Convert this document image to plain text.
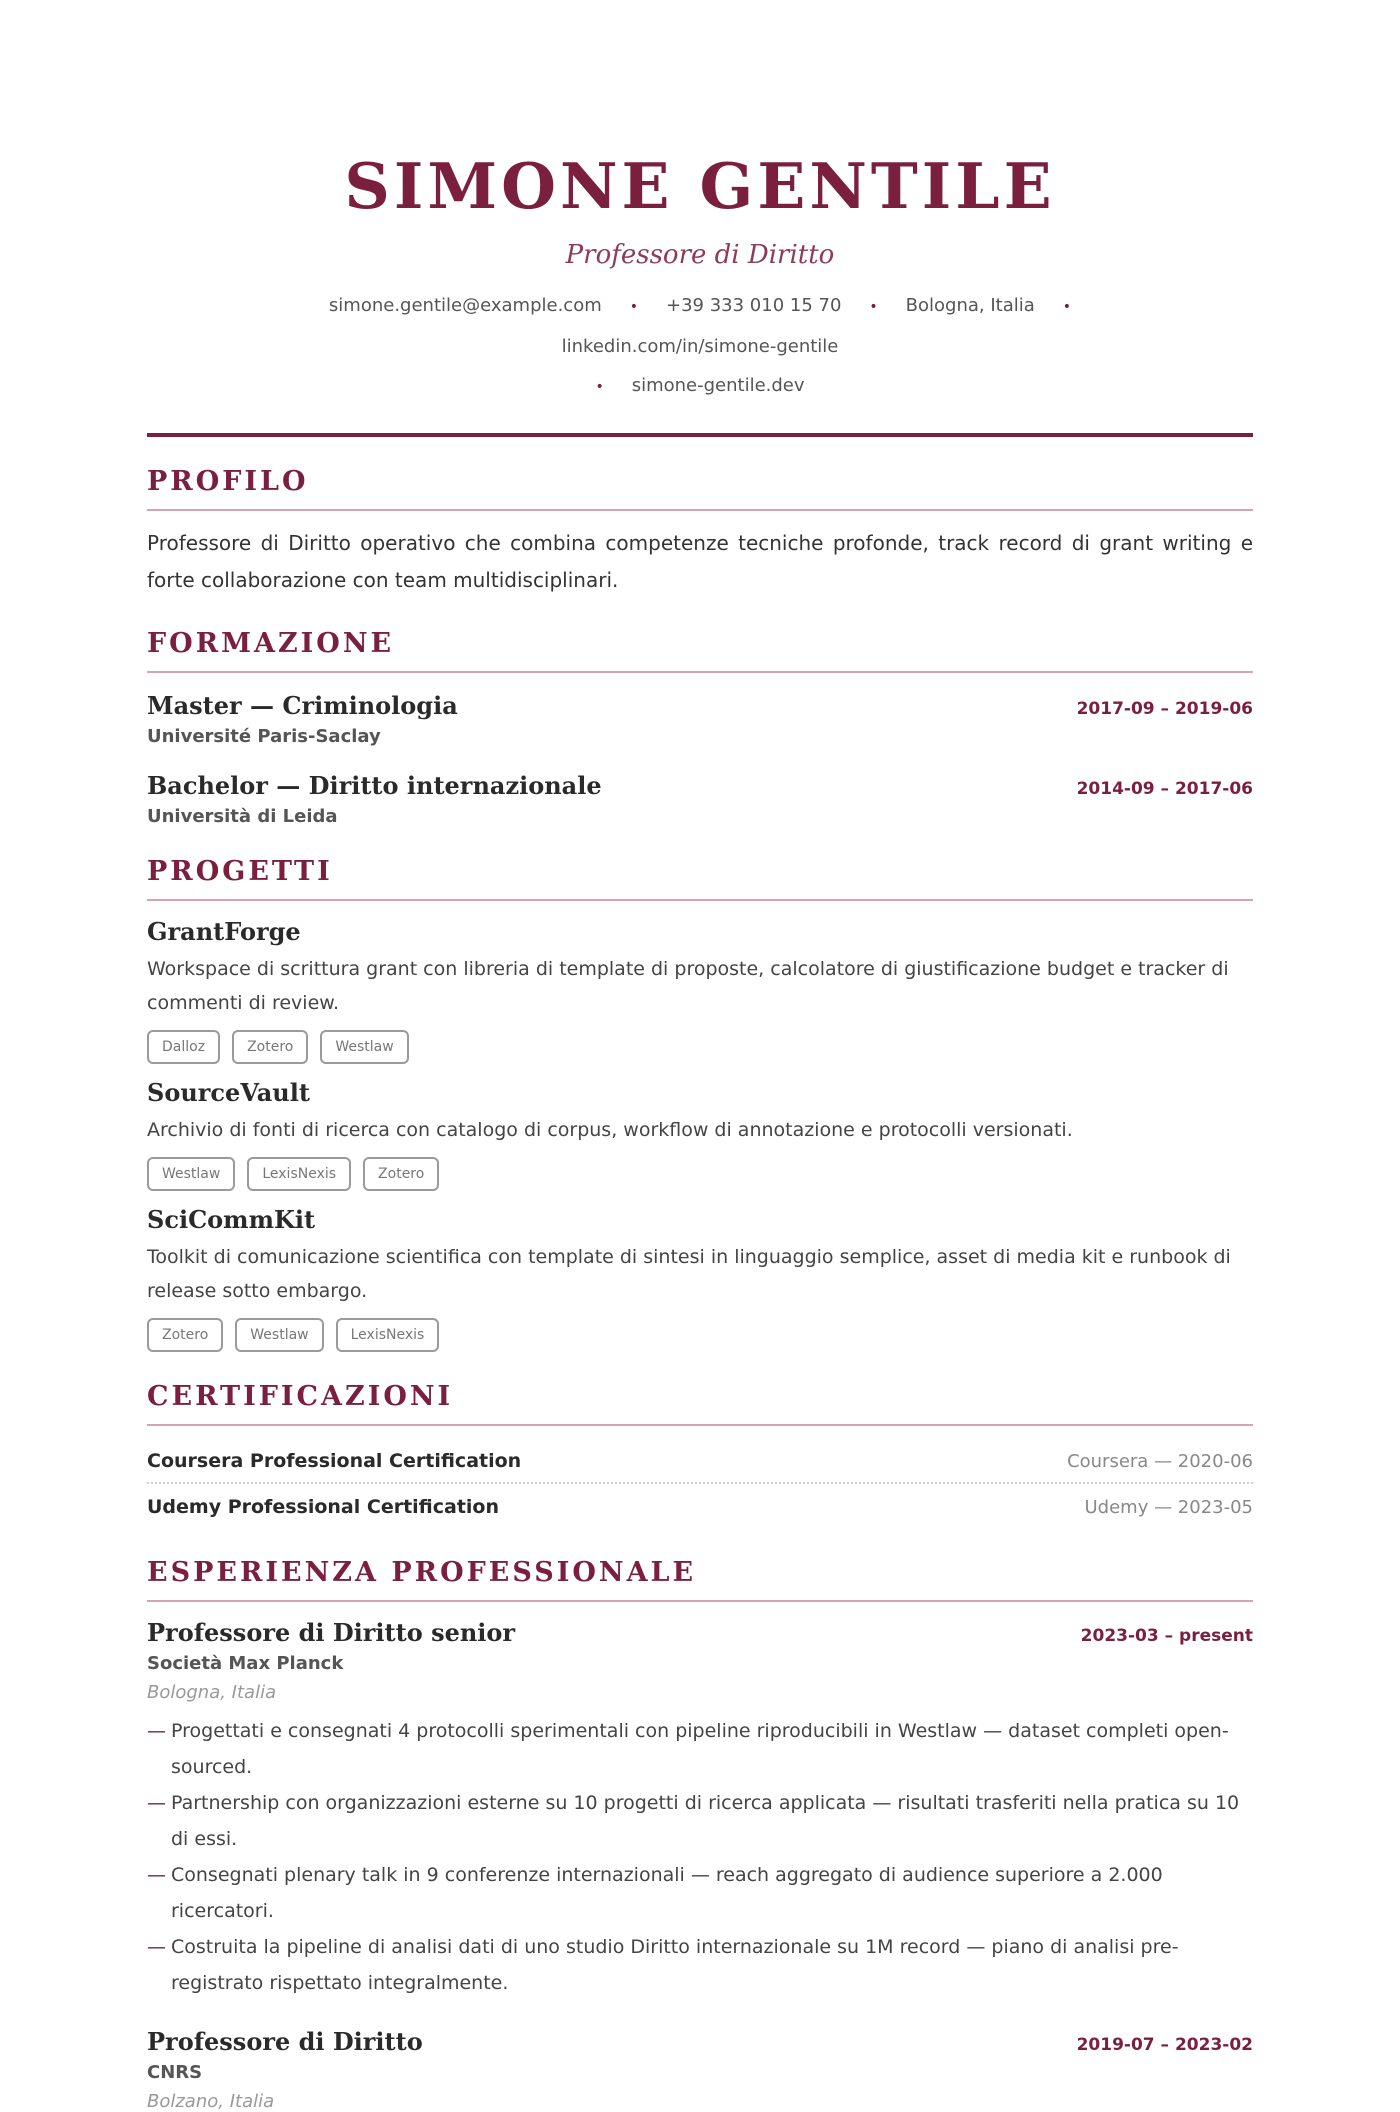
SIMONE GENTILE
Professore di Diritto
simone.gentile@example.com • +39 333 010 15 70 • Bologna, Italia •linkedin.com/in/simone-gentile
• simone-gentile.dev
PROFILO
Professore di Diritto operativo che combina competenze tecniche profonde, track record di grant writing e forte collaborazione con team multidisciplinari.
FORMAZIONE
Master — Criminologia	2017-09 – 2019-06
Université Paris-Saclay
Bachelor — Diritto internazionale	2014-09 – 2017-06
Università di Leida
PROGETTI
GrantForge
Workspace di scrittura grant con libreria di template di proposte, calcolatore di giustificazione budget e tracker di commenti di review.
Dalloz	Zotero	Westlaw
SourceVault
Archivio di fonti di ricerca con catalogo di corpus, workflow di annotazione e protocolli versionati.
Westlaw	LexisNexis	Zotero
SciCommKit
Toolkit di comunicazione scientifica con template di sintesi in linguaggio semplice, asset di media kit e runbook di release sotto embargo.
Zotero	Westlaw	LexisNexis
CERTIFICAZIONI
Coursera Professional Certification	Coursera — 2020-06
Udemy Professional Certification	Udemy — 2023-05
ESPERIENZA PROFESSIONALE
Professore di Diritto senior	2023-03 – present
Società Max Planck
Bologna, Italia
— Progettati e consegnati 4 protocolli sperimentali con pipeline riproducibili in Westlaw — dataset completi open-sourced.
— Partnership con organizzazioni esterne su 10 progetti di ricerca applicata — risultati trasferiti nella pratica su 10 di essi.
— Consegnati plenary talk in 9 conferenze internazionali — reach aggregato di audience superiore a 2.000 ricercatori.
— Costruita la pipeline di analisi dati di uno studio Diritto internazionale su 1M record — piano di analisi pre-registrato rispettato integralmente.
Professore di Diritto	2019-07 – 2023-02
CNRS
Bolzano, Italia
